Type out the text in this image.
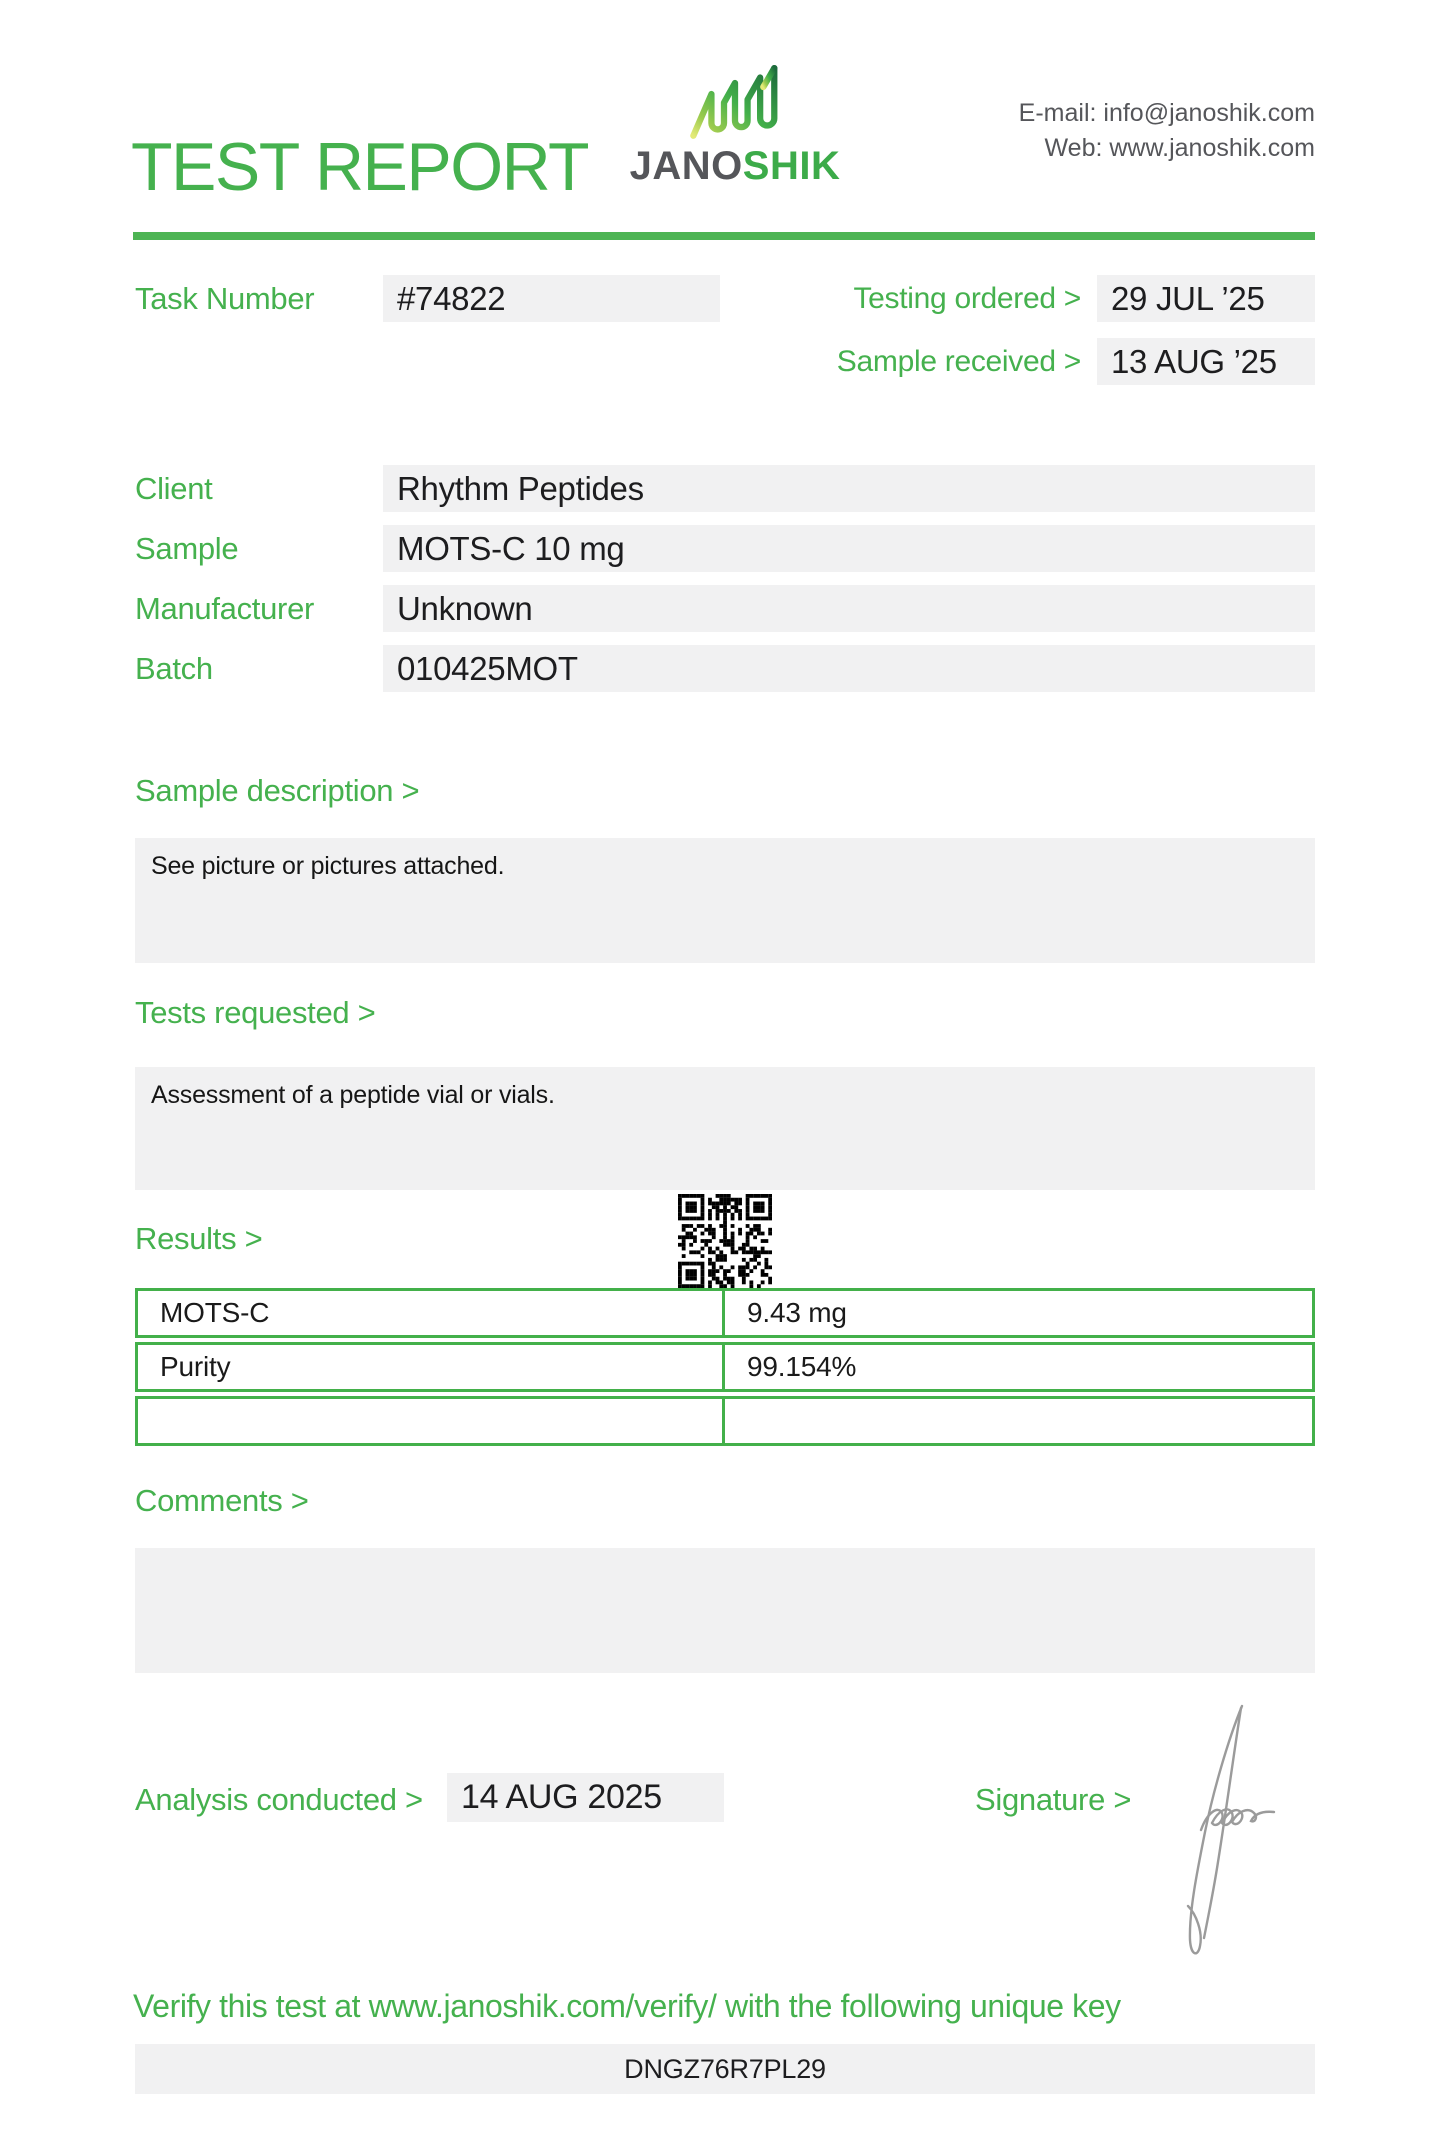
TEST REPORT	JANOSHIK
E-mail: info@janoshik.com
Web: www.janoshik.com
Task Number	#74822	Testing ordered > 29 JUL ’25
Sample received > 13 AUG ’25
Client	Rhythm Peptides
Sample	MOTS-C 10 mg
Manufacturer	Unknown
Batch	010425MOT
Sample description >
See picture or pictures attached.
Tests requested >
Assessment of a peptide vial or vials.
Results >
MOTS-C	9.43 mg
Purity	99.154%
Comments >
Analysis conducted >	14 AUG 2025	Signature >
Verify this test at www.janoshik.com/verify/ with the following unique key
DNGZ76R7PL29
